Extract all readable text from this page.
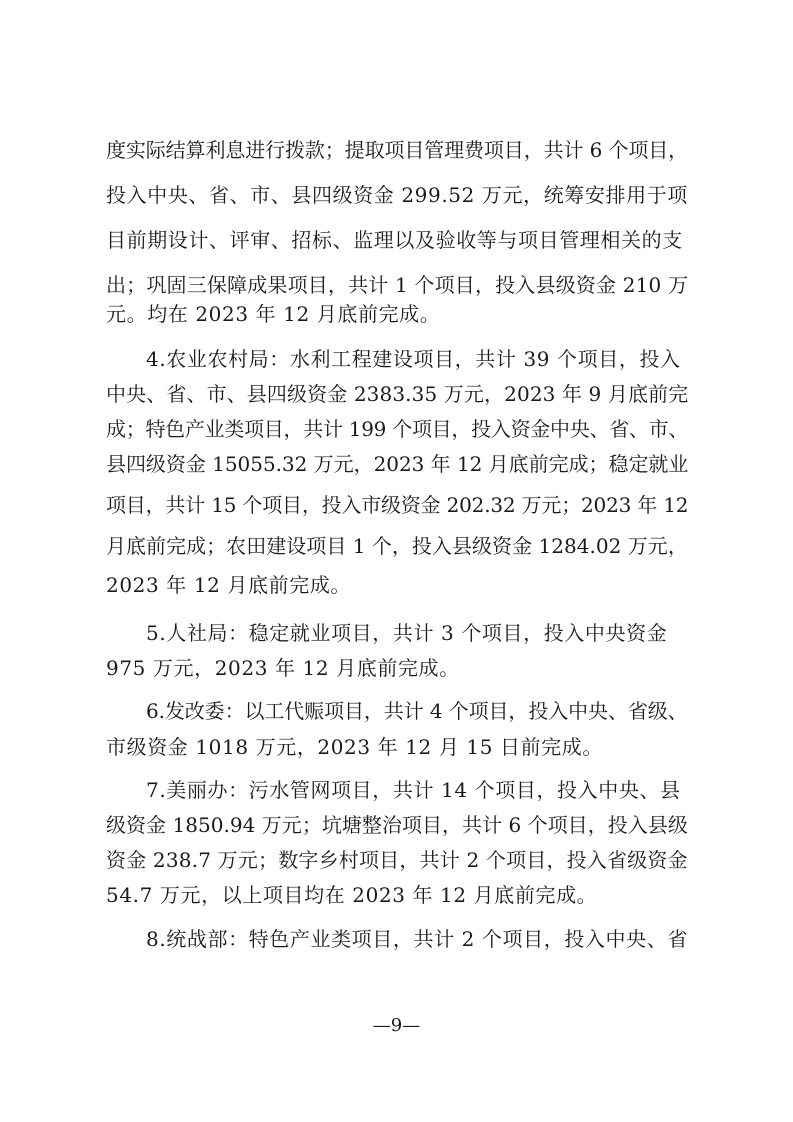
度实际结算利息进行拨款；提取项目管理费项目，共计 6 个项目，
投入中央、省、市、县四级资金 299.52 万元，统筹安排用于项
目前期设计、评审、招标、监理以及验收等与项目管理相关的支
出；巩固三保障成果项目，共计 1 个项目，投入县级资金 210 万
元。均在 2023 年 12 月底前完成。
4.农业农村局：水利工程建设项目，共计 39 个项目，投入
中央、省、市、县四级资金 2383.35 万元，2023 年 9 月底前完
成；特色产业类项目，共计 199 个项目，投入资金中央、省、市、
县四级资金 15055.32 万元，2023 年 12 月底前完成；稳定就业
项目，共计 15 个项目，投入市级资金 202.32 万元；2023 年 12
月底前完成；农田建设项目 1 个，投入县级资金 1284.02 万元，
2023 年 12 月底前完成。
5.人社局：稳定就业项目，共计 3 个项目，投入中央资金
975 万元，2023 年 12 月底前完成。
6.发改委：以工代赈项目，共计 4 个项目，投入中央、省级、
市级资金 1018 万元，2023 年 12 月 15 日前完成。
7.美丽办：污水管网项目，共计 14 个项目，投入中央、县
级资金 1850.94 万元；坑塘整治项目，共计 6 个项目，投入县级
资金 238.7 万元；数字乡村项目，共计 2 个项目，投入省级资金
54.7 万元，以上项目均在 2023 年 12 月底前完成。
8.统战部：特色产业类项目，共计 2 个项目，投入中央、省
—9—
